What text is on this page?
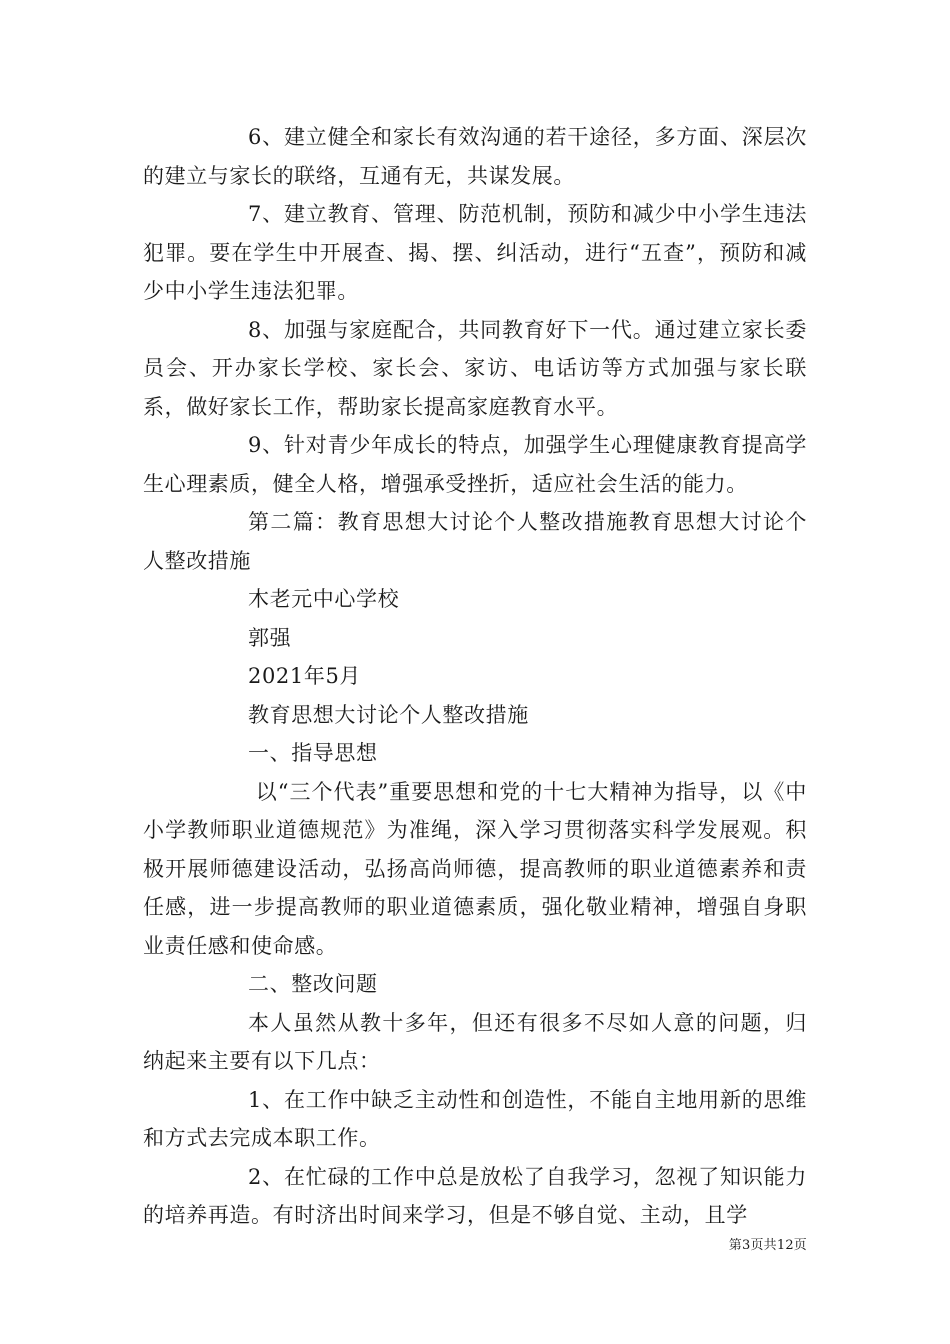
6、建立健全和家长有效沟通的若干途径，多方面、深层次的建立与家长的联络，互通有无，共谋发展。

7、建立教育、管理、防范机制，预防和减少中小学生违法犯罪。要在学生中开展查、揭、摆、纠活动，进行“五查”，预防和减少中小学生违法犯罪。

8、加强与家庭配合，共同教育好下一代。通过建立家长委员会、开办家长学校、家长会、家访、电话访等方式加强与家长联系，做好家长工作，帮助家长提高家庭教育水平。

9、针对青少年成长的特点，加强学生心理健康教育提高学生心理素质，健全人格，增强承受挫折，适应社会生活的能力。

第二篇：教育思想大讨论个人整改措施教育思想大讨论个人整改措施

木老元中心学校

郭强

2021年5月

教育思想大讨论个人整改措施

一、指导思想

以“三个代表”重要思想和党的十七大精神为指导，以《中小学教师职业道德规范》为准绳，深入学习贯彻落实科学发展观。积极开展师德建设活动，弘扬高尚师德，提高教师的职业道德素养和责任感，进一步提高教师的职业道德素质，强化敬业精神，增强自身职业责任感和使命感。

二、整改问题

本人虽然从教十多年，但还有很多不尽如人意的问题，归纳起来主要有以下几点：

1、在工作中缺乏主动性和创造性，不能自主地用新的思维和方式去完成本职工作。

2、在忙碌的工作中总是放松了自我学习，忽视了知识能力的培养再造。有时济出时间来学习，但是不够自觉、主动，且学

第3页共12页
